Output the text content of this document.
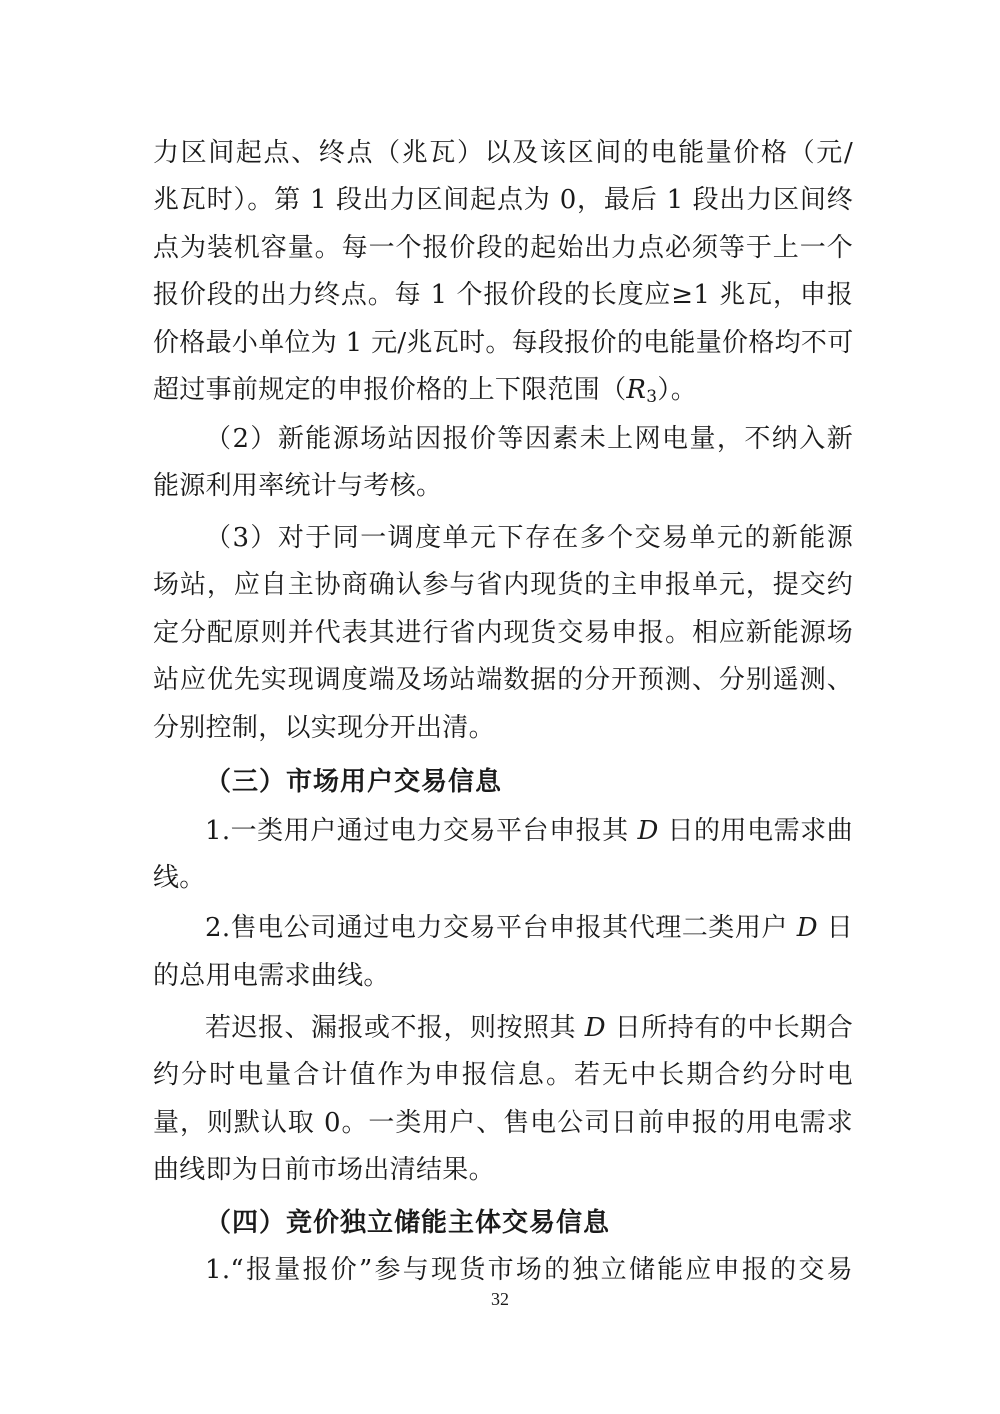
力区间起点、终点（兆瓦）以及该区间的电能量价格（元/
兆瓦时）。第 1 段出力区间起点为 0，最后 1 段出力区间终
点为装机容量。每一个报价段的起始出力点必须等于上一个
报价段的出力终点。每 1 个报价段的长度应≥1 兆瓦，申报
价格最小单位为 1 元/兆瓦时。每段报价的电能量价格均不可
超过事前规定的申报价格的上下限范围$(R_3)$。
（2）新能源场站因报价等因素未上网电量，不纳入新
能源利用率统计与考核。
（3）对于同一调度单元下存在多个交易单元的新能源
场站，应自主协商确认参与省内现货的主申报单元，提交约
定分配原则并代表其进行省内现货交易申报。相应新能源场
站应优先实现调度端及场站端数据的分开预测、分别遥测、
分别控制，以实现分开出清。
（三）市场用户交易信息
1.一类用户通过电力交易平台申报其 D 日的用电需求曲
线。
2.售电公司通过电力交易平台申报其代理二类用户 D 日
的总用电需求曲线。
若迟报、漏报或不报，则按照其 D 日所持有的中长期合
约分时电量合计值作为申报信息。若无中长期合约分时电
量，则默认取 0。一类用户、售电公司日前申报的用电需求
曲线即为日前市场出清结果。
（四）竞价独立储能主体交易信息
1.“报量报价”参与现货市场的独立储能应申报的交易
32
